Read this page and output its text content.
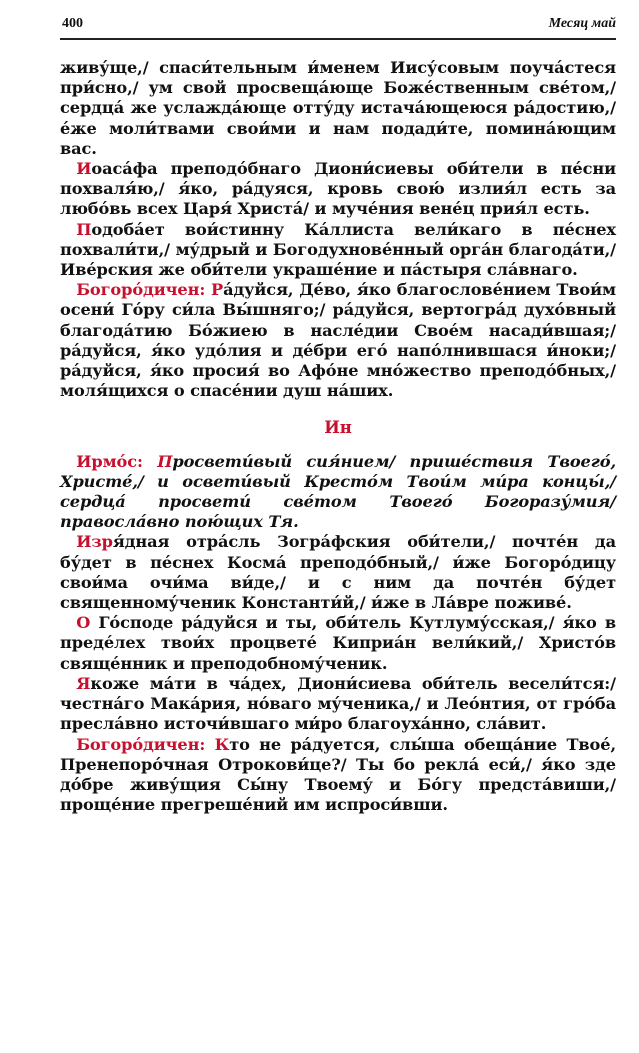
400	Месяц май

живу́ще,/ спаси́тельным и́менем Иису́совым поуча́стеся при́сно,/ ум свой просвеща́юще Боже́ственным све́том,/ сердца́ же услажда́юще отту́ду истача́ющеюся ра́достию,/ е́же моли́твами свои́ми и нам подади́те, помина́ющим вас.

Иоаса́фа преподо́бнаго Диони́сиевы оби́тели в пе́сни похваля́ю,/ я́ко, ра́дуяся, кровь свою́ излия́л есть за любо́вь всех Царя́ Христа́/ и муче́ния вене́ц прия́л есть.

Подоба́ет вои́стинну Ка́ллиста вели́каго в пе́снех похвали́ти,/ му́дрый и Богодухнове́нный орга́н благода́ти,/ Иве́рския же оби́тели украше́ние и па́стыря сла́внаго.

Богоро́дичен: Ра́дуйся, Де́во, я́ко благослове́нием Твои́м осени́ Го́ру си́ла Вы́шняго;/ ра́дуйся, вертогра́д духо́вный благода́тию Бо́жиею в насле́дии Свое́м насади́вшая;/ ра́дуйся, я́ко удо́лия и де́бри его́ напо́лнившася и́ноки;/ ра́дуйся, я́ко просия́ во Афо́не мно́жество преподо́бных,/ моля́щихся о спасе́нии душ на́ших.

Ин

Ирмо́с: Просвети́вый сия́нием/ прише́ствия Твоего́, Христе́,/ и освети́вый Кресто́м Твои́м ми́ра концы́,/ сердца́ просвети́ све́том Твоего́ Богоразу́мия/ правосла́вно пою́щих Тя.

Изря́дная отра́сль Зогра́фския оби́тели,/ почте́н да бу́дет в пе́снех Косма́ преподо́бный,/ и́же Богоро́дицу свои́ма очи́ма ви́де,/ и с ним да почте́н бу́дет священному́ченик Константи́й,/ и́же в Ла́вре поживе́.

О Го́споде ра́дуйся и ты, оби́тель Кутлуму́сская,/ я́ко в преде́лех твои́х процвете́ Киприа́н вели́кий,/ Христо́в свяще́нник и преподобному́ченик.

Якоже ма́ти в ча́дех, Диони́сиева оби́тель весели́тся:/ честна́го Мака́рия, но́ваго му́ченика,/ и Лео́нтия, от гро́ба пресла́вно источи́вшаго ми́ро благоуха́нно, сла́вит.

Богоро́дичен: Кто не ра́дуется, слы́ша обеща́ние Твое́, Пренепоро́чная Отрокови́це?/ Ты бо рекла́ еси́,/ я́ко зде до́бре живу́щия Сы́ну Твоему́ и Бо́гу предста́виши,/ проще́ние прегреше́ний им испроси́вши.
